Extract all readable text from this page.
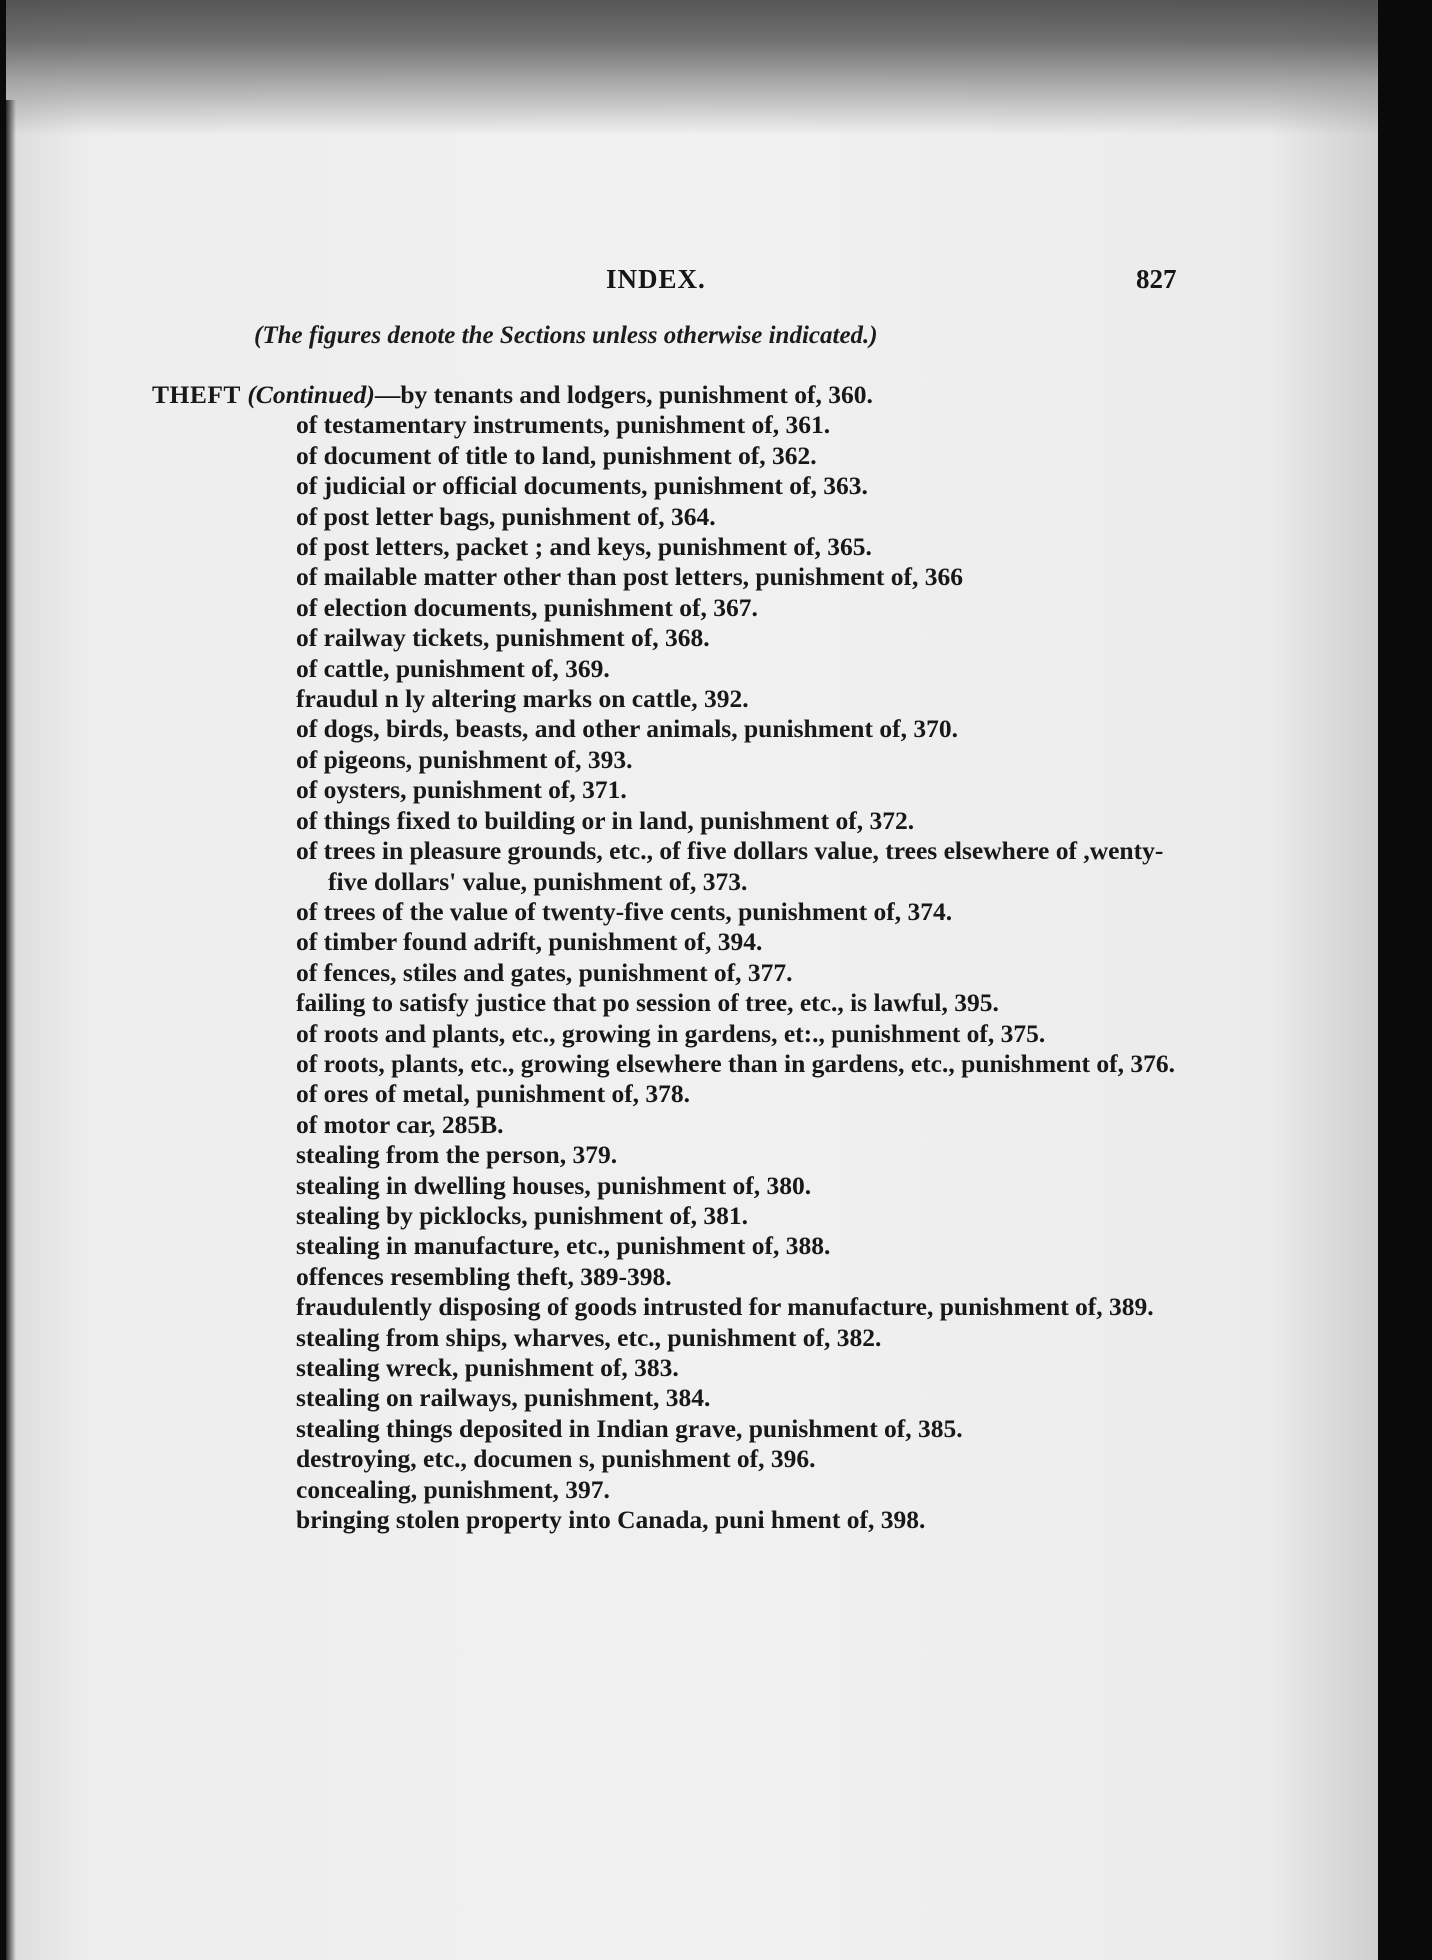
INDEX.	827
(The figures denote the Sections unless otherwise indicated.)

THEFT (Continued)—by tenants and lodgers, punishment of, 360.

of testamentary instruments, punishment of, 361.

of document of title to land, punishment of, 362.

of judicial or official documents, punishment of, 363.

of post letter bags, punishment of, 364.

of post letters, packet ; and keys, punishment of, 365.

of mailable matter other than post letters, punishment of, 366

of election documents, punishment of, 367.

of railway tickets, punishment of, 368.

of cattle, punishment of, 369.

fraudul n ly altering marks on cattle, 392.

of dogs, birds, beasts, and other animals, punishment of, 370.

of pigeons, punishment of, 393.

of oysters, punishment of, 371.

of things fixed to building or in land, punishment of, 372.

of trees in pleasure grounds, etc., of five dollars value, trees elsewhere of ,wenty-five dollars' value, punishment of, 373.

of trees of the value of twenty-five cents, punishment of, 374.

of timber found adrift, punishment of, 394.

of fences, stiles and gates, punishment of, 377.

failing to satisfy justice that po session of tree, etc., is lawful, 395.

of roots and plants, etc., growing in gardens, et:., punishment of, 375.

of roots, plants, etc., growing elsewhere than in gardens, etc., punishment of, 376.

of ores of metal, punishment of, 378.

of motor car, 285B.

stealing from the person, 379.

stealing in dwelling houses, punishment of, 380.

stealing by picklocks, punishment of, 381.

stealing in manufacture, etc., punishment of, 388.

offences resembling theft, 389-398.

fraudulently disposing of goods intrusted for manufacture, punishment of, 389.

stealing from ships, wharves, etc., punishment of, 382.

stealing wreck, punishment of, 383.

stealing on railways, punishment, 384.

stealing things deposited in Indian grave, punishment of, 385.

destroying, etc., documen s, punishment of, 396.

concealing, punishment, 397.

bringing stolen property into Canada, puni hment of, 398.
